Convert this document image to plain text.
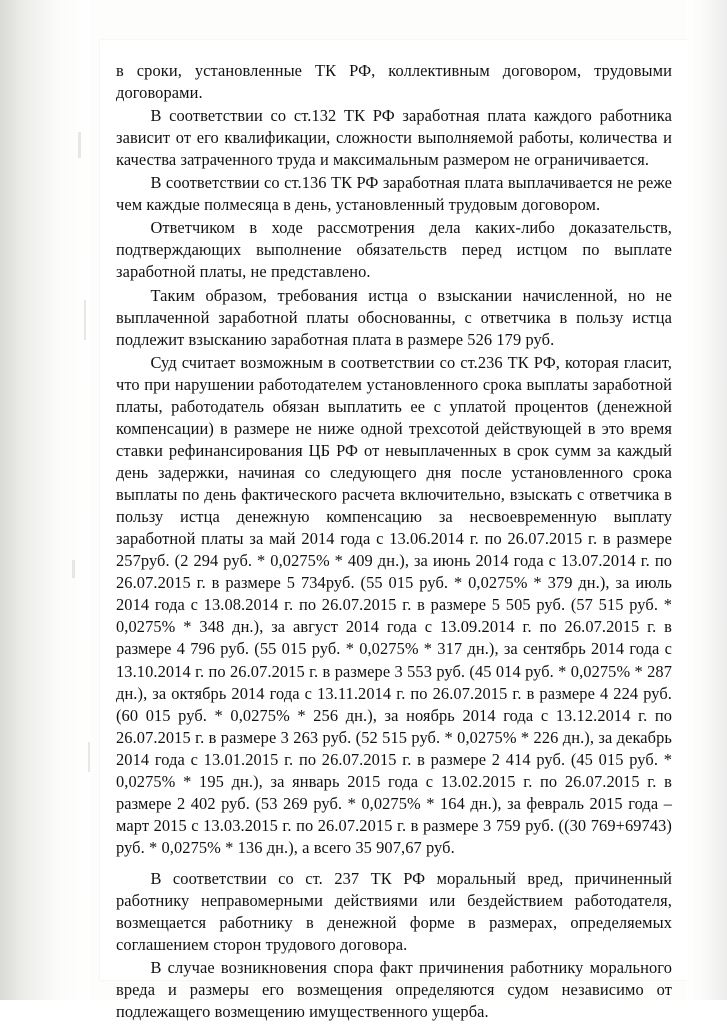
в сроки, установленные ТК РФ, коллективным договором, трудовыми договорами.

В соответствии со ст.132 ТК РФ заработная плата каждого работника зависит от его квалификации, сложности выполняемой работы, количества и качества затраченного труда и максимальным размером не ограничивается.

В соответствии со ст.136 ТК РФ заработная плата выплачивается не реже чем каждые полмесяца в день, установленный трудовым договором.

Ответчиком в ходе рассмотрения дела каких-либо доказательств, подтверждающих выполнение обязательств перед истцом по выплате заработной платы, не представлено.

Таким образом, требования истца о взыскании начисленной, но не выплаченной заработной платы обоснованны, с ответчика в пользу истца подлежит взысканию заработная плата в размере 526 179 руб.

Суд считает возможным в соответствии со ст.236 ТК РФ, которая гласит, что при нарушении работодателем установленного срока выплаты заработной платы, работодатель обязан выплатить ее с уплатой процентов (денежной компенсации) в размере не ниже одной трехсотой действующей в это время ставки рефинансирования ЦБ РФ от невыплаченных в срок сумм за каждый день задержки, начиная со следующего дня после установленного срока выплаты по день фактического расчета включительно, взыскать с ответчика в пользу истца денежную компенсацию за несвоевременную выплату заработной платы за май 2014 года с 13.06.2014 г. по 26.07.2015 г. в размере 257руб. (2 294 руб. * 0,0275% * 409 дн.), за июнь 2014 года с 13.07.2014 г. по 26.07.2015 г. в размере 5 734руб. (55 015 руб. * 0,0275% * 379 дн.), за июль 2014 года с 13.08.2014 г. по 26.07.2015 г. в размере 5 505 руб. (57 515 руб. * 0,0275% * 348 дн.), за август 2014 года с 13.09.2014 г. по 26.07.2015 г. в размере 4 796 руб. (55 015 руб. * 0,0275% * 317 дн.), за сентябрь 2014 года с 13.10.2014 г. по 26.07.2015 г. в размере 3 553 руб. (45 014 руб. * 0,0275% * 287 дн.), за октябрь 2014 года с 13.11.2014 г. по 26.07.2015 г. в размере 4 224 руб. (60 015 руб. * 0,0275% * 256 дн.), за ноябрь 2014 года с 13.12.2014 г. по 26.07.2015 г. в размере 3 263 руб. (52 515 руб. * 0,0275% * 226 дн.), за декабрь 2014 года с 13.01.2015 г. по 26.07.2015 г. в размере 2 414 руб. (45 015 руб. * 0,0275% * 195 дн.), за январь 2015 года с 13.02.2015 г. по 26.07.2015 г. в размере 2 402 руб. (53 269 руб. * 0,0275% * 164 дн.), за февраль 2015 года – март 2015 с 13.03.2015 г. по 26.07.2015 г. в размере 3 759 руб. ((30 769+69743) руб. * 0,0275% * 136 дн.), а всего 35 907,67 руб.

В соответствии со ст. 237 ТК РФ моральный вред, причиненный работнику неправомерными действиями или бездействием работодателя, возмещается работнику в денежной форме в размерах, определяемых соглашением сторон трудового договора.

В случае возникновения спора факт причинения работнику морального вреда и размеры его возмещения определяются судом независимо от подлежащего возмещению имущественного ущерба.
